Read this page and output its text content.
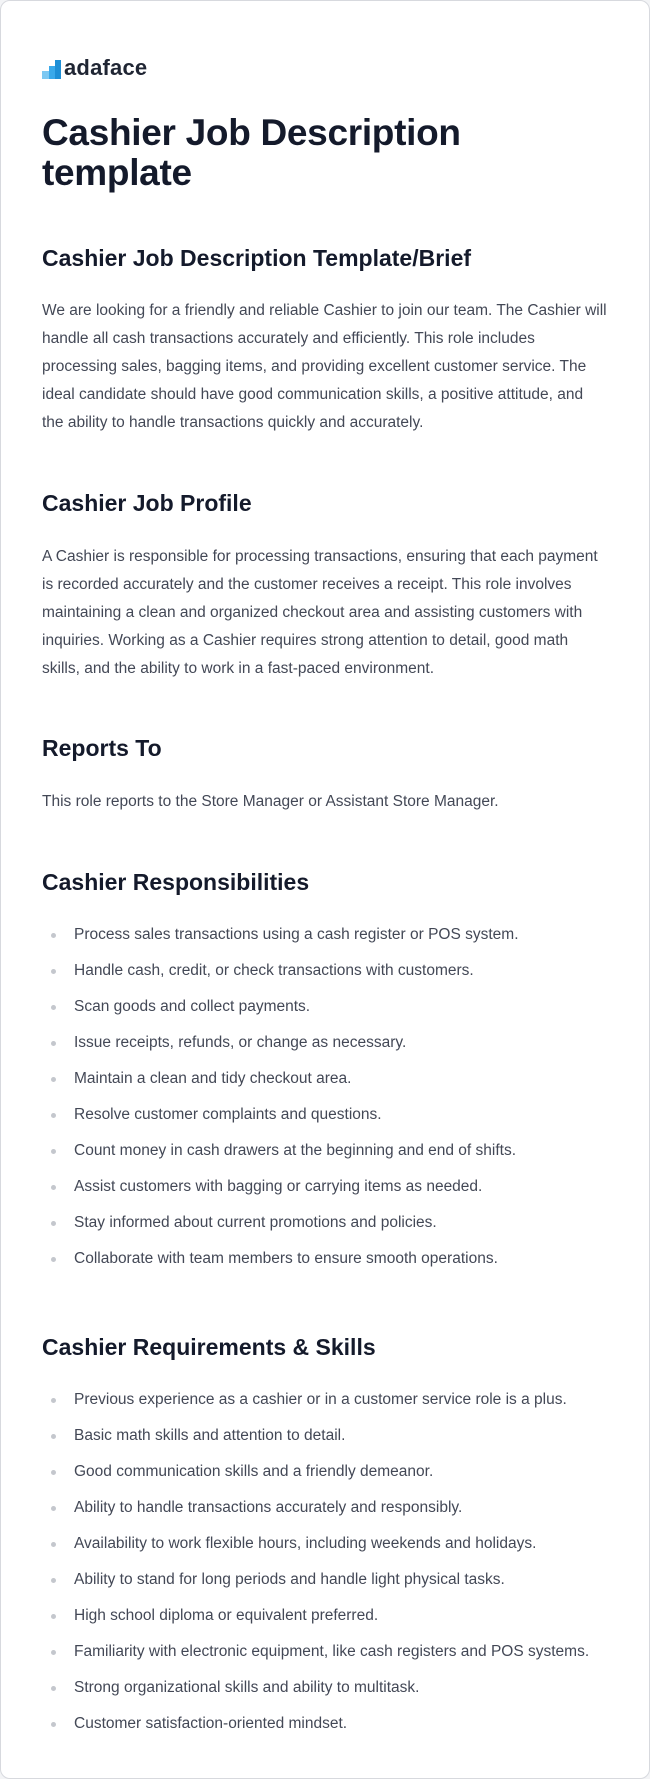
adaface
Cashier Job Description template
Cashier Job Description Template/Brief

We are looking for a friendly and reliable Cashier to join our team. The Cashier will handle all cash transactions accurately and efficiently. This role includes processing sales, bagging items, and providing excellent customer service. The ideal candidate should have good communication skills, a positive attitude, and the ability to handle transactions quickly and accurately.

Cashier Job Profile

A Cashier is responsible for processing transactions, ensuring that each payment is recorded accurately and the customer receives a receipt. This role involves maintaining a clean and organized checkout area and assisting customers with inquiries. Working as a Cashier requires strong attention to detail, good math skills, and the ability to work in a fast-paced environment.

Reports To

This role reports to the Store Manager or Assistant Store Manager.

Cashier Responsibilities
Process sales transactions using a cash register or POS system.
Handle cash, credit, or check transactions with customers.
Scan goods and collect payments.
Issue receipts, refunds, or change as necessary.
Maintain a clean and tidy checkout area.
Resolve customer complaints and questions.
Count money in cash drawers at the beginning and end of shifts.
Assist customers with bagging or carrying items as needed.
Stay informed about current promotions and policies.
Collaborate with team members to ensure smooth operations.
Cashier Requirements & Skills
Previous experience as a cashier or in a customer service role is a plus.
Basic math skills and attention to detail.
Good communication skills and a friendly demeanor.
Ability to handle transactions accurately and responsibly.
Availability to work flexible hours, including weekends and holidays.
Ability to stand for long periods and handle light physical tasks.
High school diploma or equivalent preferred.
Familiarity with electronic equipment, like cash registers and POS systems.
Strong organizational skills and ability to multitask.
Customer satisfaction-oriented mindset.
